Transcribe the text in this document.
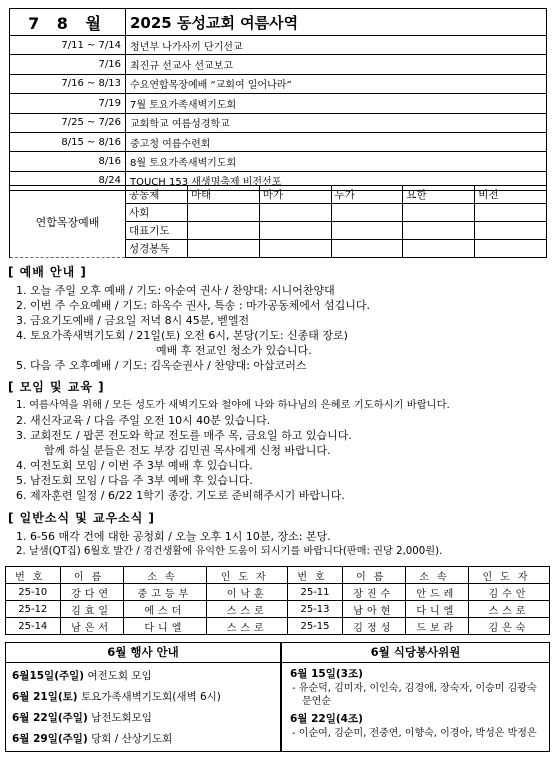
7 8 월	2025 동성교회 여름사역
7/11 ~ 7/14	청년부 나가사끼 단기선교
7/16	최진규 선교사 선교보고
7/16 ~ 8/13	수요연합목장예배 “교회여 일어나라”
7/19	7월 토요가족새벽기도회
7/25 ~ 7/26	교회학교 여름성경학교
8/15 ~ 8/16	중고청 여름수련회
8/16	8월 토요가족새벽기도회
8/24	TOUCH 153 새생명축제 비전선포
연합목장예배	공동체	마태	마가	누가	요한	비전
	사회					
	대표기도					
	성경봉독					
[ 예배 안내 ]
1. 오늘 주일 오후 예배 / 기도: 아순여 권사 / 찬양대: 시니어찬양대
2. 이번 주 수요예배 / 기도: 하옥수 권사, 특송 : 마가공동체에서 섬깁니다.
3. 금요기도예배 / 금요일 저녁 8시 45분, 벧엘전
4. 토요가족새벽기도회 / 21일(토) 오전 6시, 본당(기도: 신종태 장로)
예배 후 전교인 청소가 있습니다.
5. 다음 주 오후예배 / 기도: 김옥순권사 / 찬양대: 아삽코러스
[ 모임 및 교육 ]
1. 여름사역을 위해 / 모든 성도가 새벽기도와 철야에 나와 하나님의 은혜로 기도하시기 바랍니다.
2. 새신자교육 / 다음 주일 오전 10시 40분 있습니다.
3. 교회전도 / 팝콘 전도와 학교 전도를 매주 목, 금요일 하고 있습니다.
함께 하실 분들은 전도 부장 김민권 목사에게 신청 바랍니다.
4. 여전도회 모임 / 이번 주 3부 예배 후 있습니다.
5. 남전도회 모임 / 다음 주 3부 예배 후 있습니다.
6. 제자훈련 일정 / 6/22 1학기 종강. 기도로 준비해주시기 바랍니다.
[ 일반소식 및 교우소식 ]
1. 6-56 매각 건에 대한 공청회 / 오늘 오후 1시 10분, 장소: 본당.
2. 날샘(QT집) 6월호 발간 / 경건생활에 유익한 도움이 되시기를 바랍니다(판매: 권당 2,000원).
번호	이름	소속	인도자	번호	이름	소속	인도자
25-10	강다연	중고등부	이낙훈	25-11	장진수	안드레	김수안
25-12	김효일	에스더	스스로	25-13	남아현	다니엘	스스로
25-14	남은서	다니엘	스스로	25-15	김정성	드보라	김은숙
6월 행사 안내
6월15일(주일) 여전도회 모임
6월 21일(토) 토요가족새벽기도회(새벽 6시)
6월 22일(주일) 남전도회모임
6월 29일(주일) 당회 / 산상기도회
6월 식당봉사위원
6월 15일(3조)
- 유순덕, 김미자, 이인숙, 김경애, 장숙자, 이승미 김광숙
문연순
6월 22일(4조)
- 이순여, 김순미, 전중연, 이향숙, 이경아, 박성은 박정은
